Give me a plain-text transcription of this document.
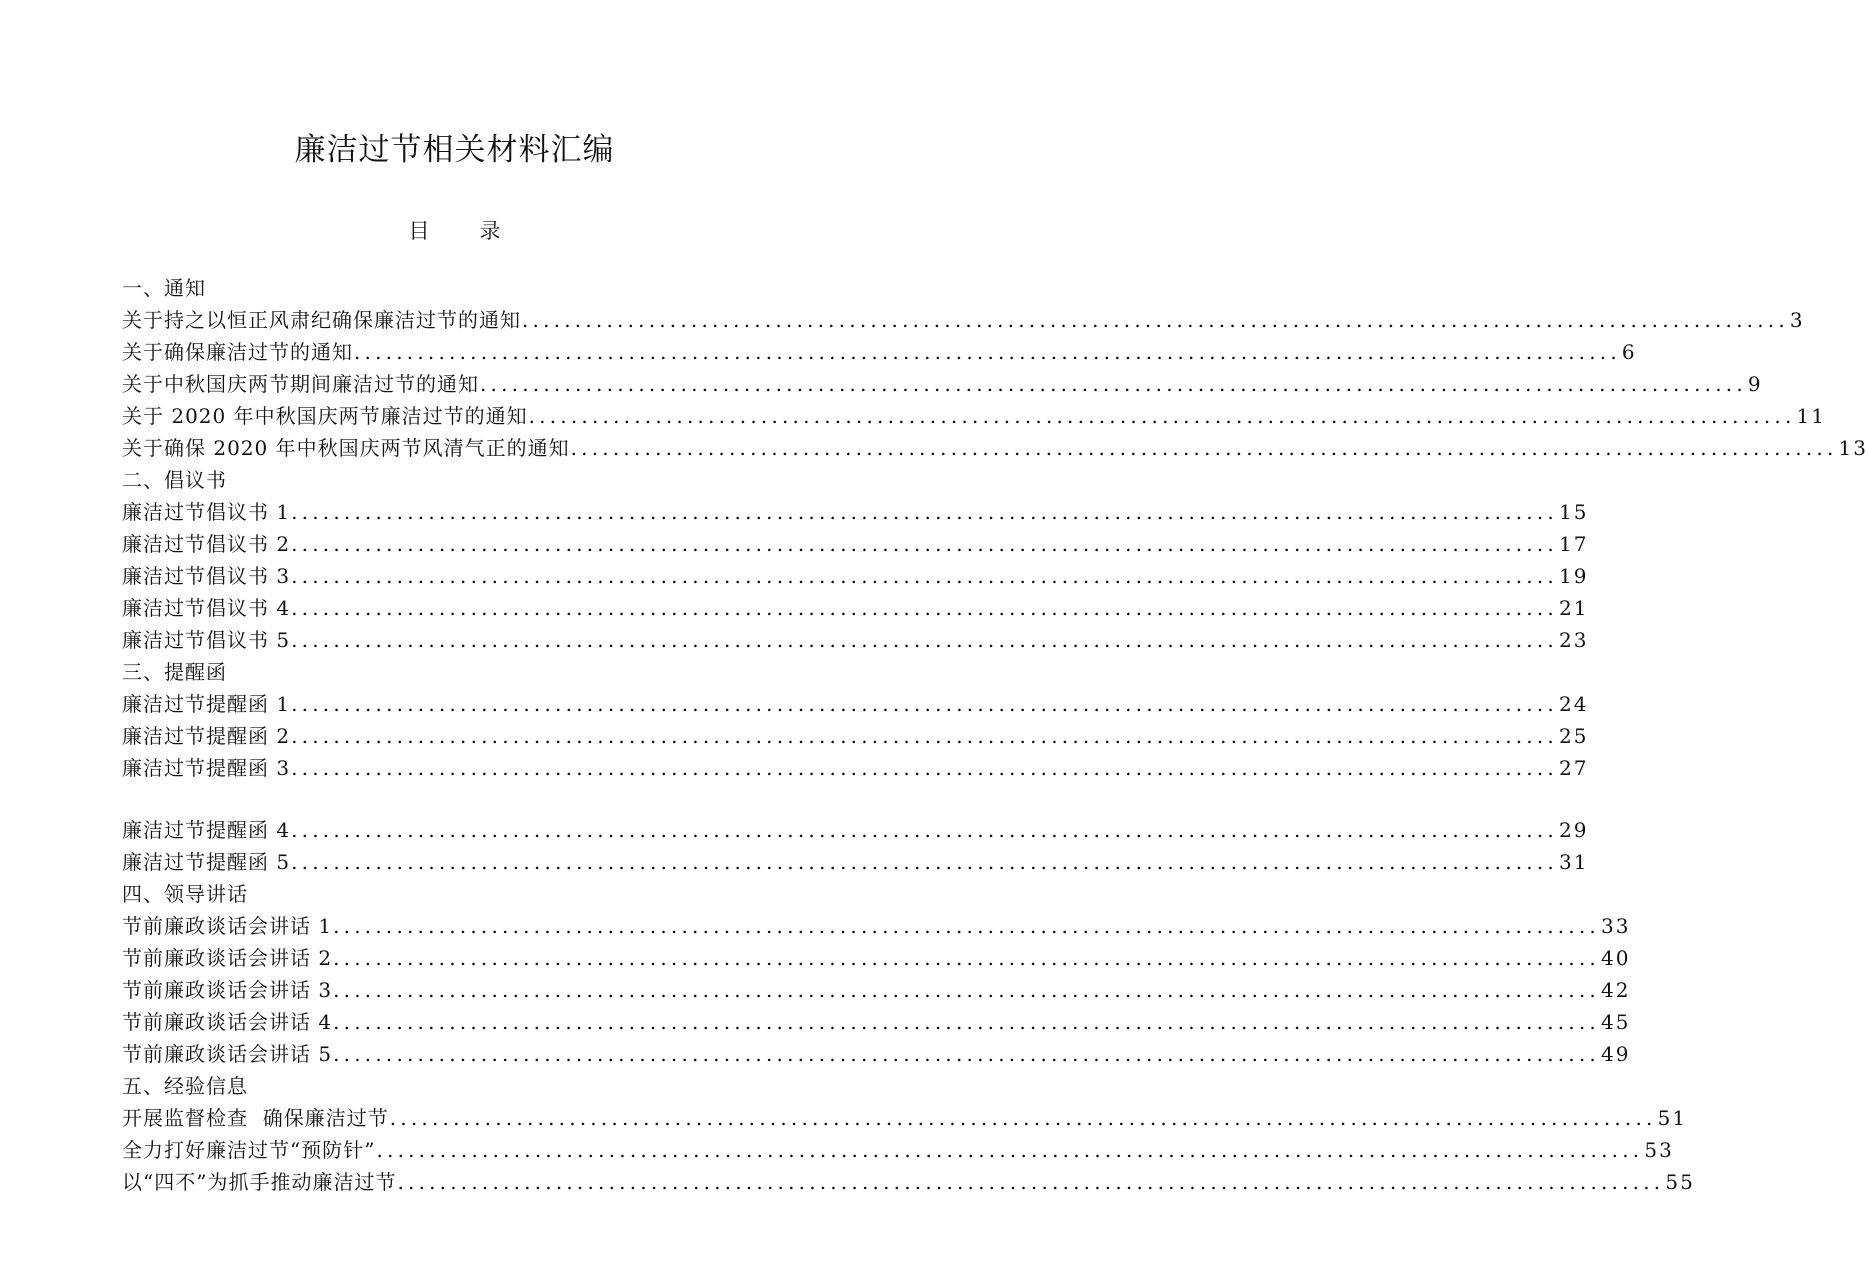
廉洁过节相关材料汇编
目 录
一、通知
关于持之以恒正风肃纪确保廉洁过节的通知 ........................................................................................................................ 3
关于确保廉洁过节的通知 ........................................................................................................................ 6
关于中秋国庆两节期间廉洁过节的通知 ........................................................................................................................ 9
关于 2020 年中秋国庆两节廉洁过节的通知 ........................................................................................................................ 11
关于确保 2020 年中秋国庆两节风清气正的通知 ........................................................................................................................ 13
二、倡议书
廉洁过节倡议书 1 ........................................................................................................................ 15
廉洁过节倡议书 2 ........................................................................................................................ 17
廉洁过节倡议书 3 ........................................................................................................................ 19
廉洁过节倡议书 4 ........................................................................................................................ 21
廉洁过节倡议书 5 ........................................................................................................................ 23
三、提醒函
廉洁过节提醒函 1 ........................................................................................................................ 24
廉洁过节提醒函 2 ........................................................................................................................ 25
廉洁过节提醒函 3 ........................................................................................................................ 27
廉洁过节提醒函 4 ........................................................................................................................ 29
廉洁过节提醒函 5 ........................................................................................................................ 31
四、领导讲话
节前廉政谈话会讲话 1 ........................................................................................................................ 33
节前廉政谈话会讲话 2 ........................................................................................................................ 40
节前廉政谈话会讲话 3 ........................................................................................................................ 42
节前廉政谈话会讲话 4 ........................................................................................................................ 45
节前廉政谈话会讲话 5 ........................................................................................................................ 49
五、经验信息
开展监督检查  确保廉洁过节 ........................................................................................................................ 51
全力打好廉洁过节“预防针” ........................................................................................................................ 53
以“四不”为抓手推动廉洁过节 ........................................................................................................................ 55
